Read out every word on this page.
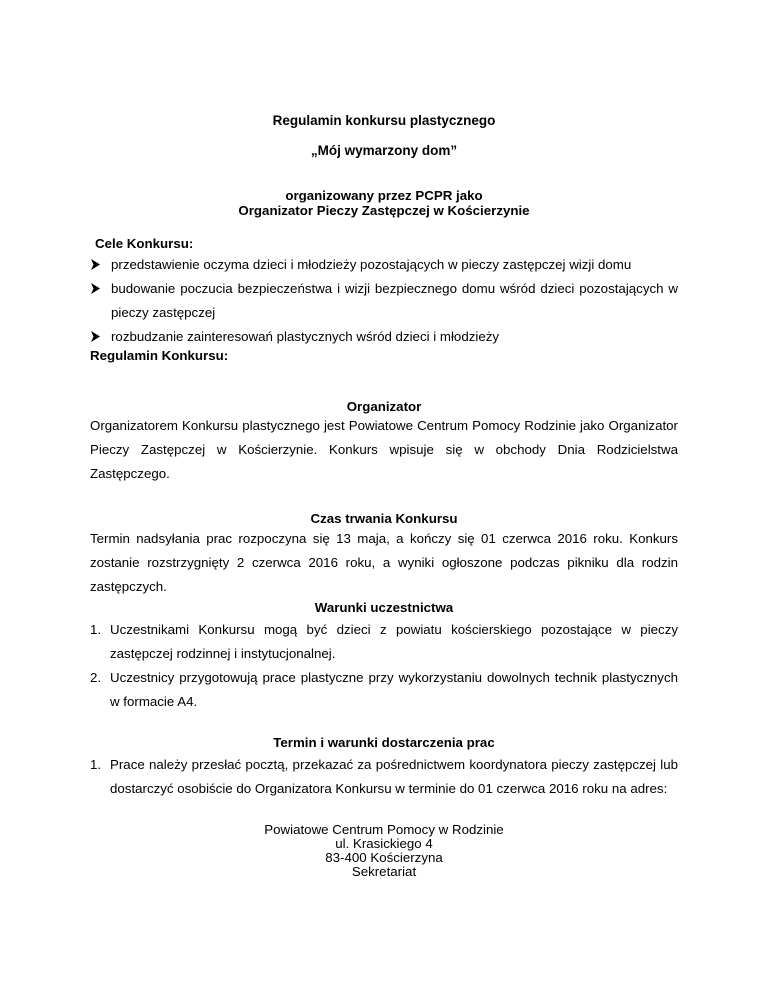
Regulamin konkursu plastycznego
„Mój wymarzony dom”
organizowany przez PCPR jako
Organizator Pieczy Zastępczej w Kościerzynie
Cele Konkursu:
przedstawienie oczyma dzieci i młodzieży pozostających w pieczy zastępczej wizji domu
budowanie poczucia bezpieczeństwa i wizji bezpiecznego domu wśród dzieci pozostających w pieczy zastępczej
rozbudzanie zainteresowań plastycznych wśród dzieci i młodzieży
Regulamin Konkursu:
Organizator
Organizatorem Konkursu plastycznego jest Powiatowe Centrum Pomocy Rodzinie jako Organizator Pieczy Zastępczej w Kościerzynie. Konkurs wpisuje się w obchody Dnia Rodzicielstwa Zastępczego.
Czas trwania Konkursu
Termin nadsyłania prac rozpoczyna się 13 maja, a kończy się 01 czerwca 2016 roku. Konkurs zostanie rozstrzygnięty 2 czerwca 2016 roku, a wyniki ogłoszone podczas pikniku dla rodzin zastępczych.
Warunki uczestnictwa
1. Uczestnikami Konkursu mogą być dzieci z powiatu kościerskiego pozostające w pieczy zastępczej rodzinnej i instytucjonalnej.
2. Uczestnicy przygotowują prace plastyczne przy wykorzystaniu dowolnych technik plastycznych w formacie A4.
Termin i warunki dostarczenia prac
1. Prace należy przesłać pocztą, przekazać za pośrednictwem koordynatora pieczy zastępczej lub dostarczyć osobiście do Organizatora Konkursu w terminie do 01 czerwca 2016 roku na adres:
Powiatowe Centrum Pomocy w Rodzinie
ul. Krasickiego 4
83-400 Kościerzyna
Sekretariat
